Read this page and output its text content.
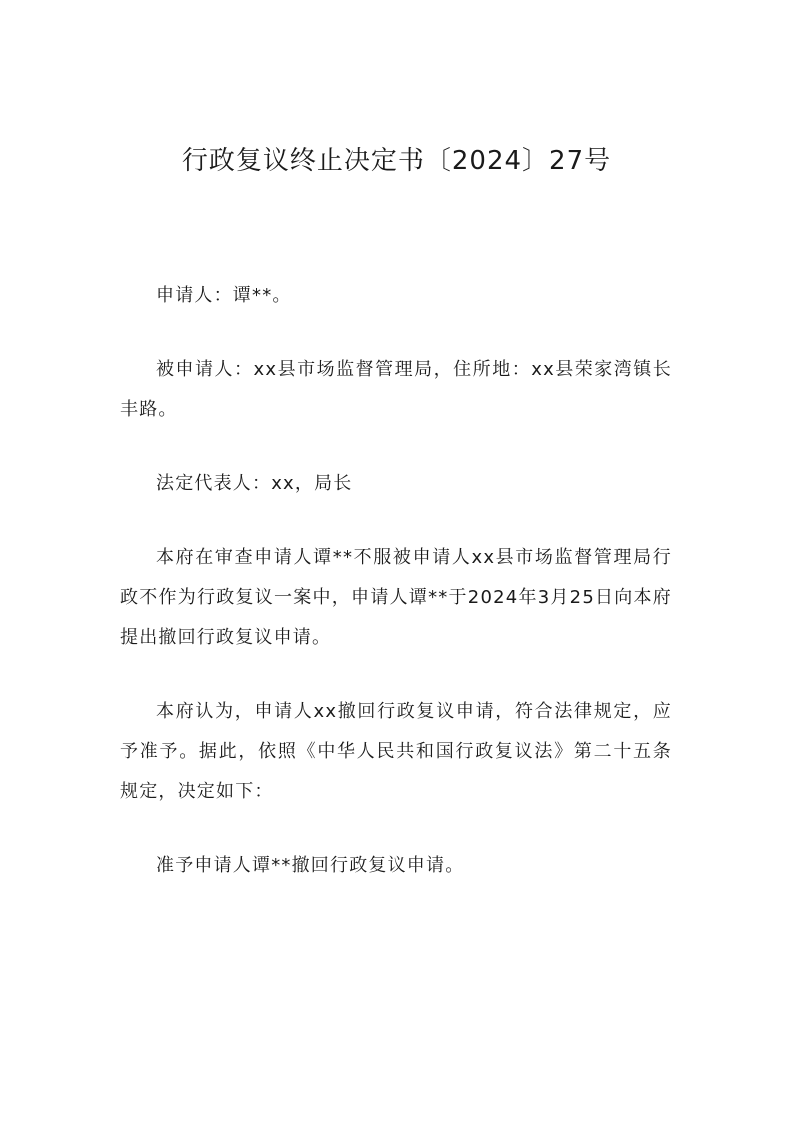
行政复议终止决定书〔2024〕27号

申请人：谭**。

被申请人：xx县市场监督管理局，住所地：xx县荣家湾镇长丰路。

法定代表人：xx，局长

本府在审查申请人谭**不服被申请人xx县市场监督管理局行政不作为行政复议一案中，申请人谭**于2024年3月25日向本府提出撤回行政复议申请。

本府认为，申请人xx撤回行政复议申请，符合法律规定，应予准予。据此，依照《中华人民共和国行政复议法》第二十五条规定，决定如下：

准予申请人谭**撤回行政复议申请。
